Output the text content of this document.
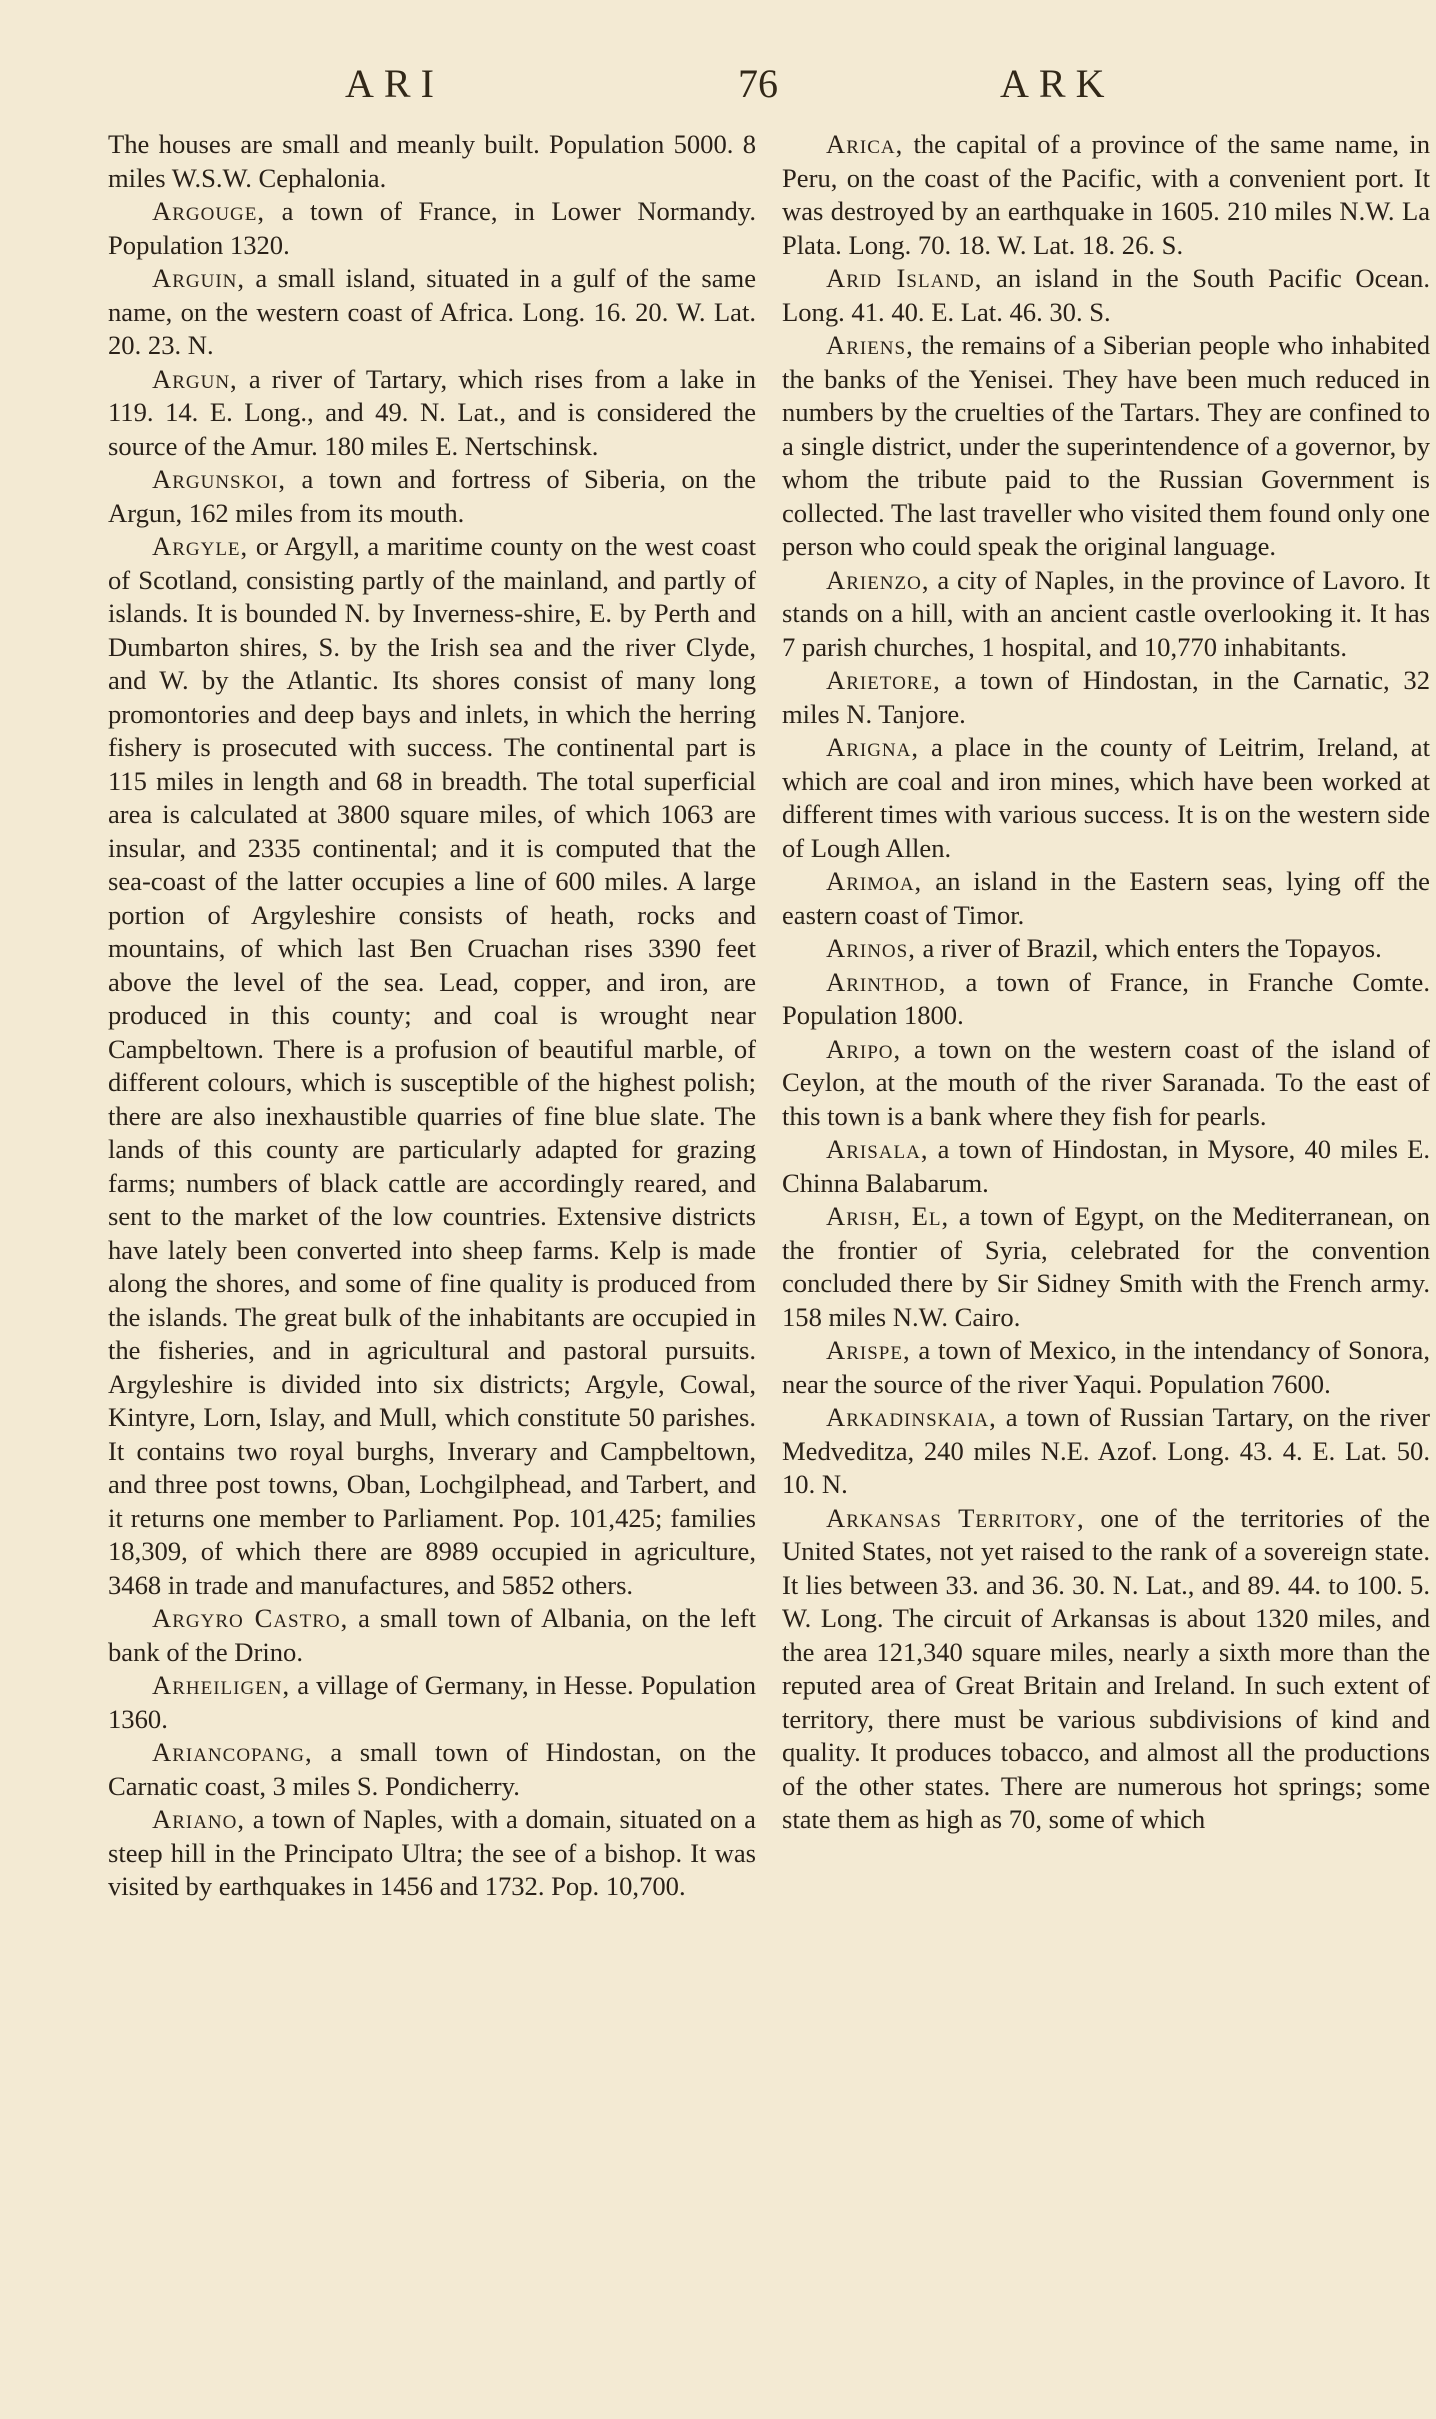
ARI	76	ARK

The houses are small and meanly built. Population 5000. 8 miles W.S.W. Cephalonia.

Argouge, a town of France, in Lower Normandy. Population 1320.

Arguin, a small island, situated in a gulf of the same name, on the western coast of Africa. Long. 16. 20. W. Lat. 20. 23. N.

Argun, a river of Tartary, which rises from a lake in 119. 14. E. Long., and 49. N. Lat., and is considered the source of the Amur. 180 miles E. Nertschinsk.

Argunskoi, a town and fortress of Siberia, on the Argun, 162 miles from its mouth.

Argyle, or Argyll, a maritime county on the west coast of Scotland, consisting partly of the mainland, and partly of islands. It is bounded N. by Inverness-shire, E. by Perth and Dumbarton shires, S. by the Irish sea and the river Clyde, and W. by the Atlantic. Its shores consist of many long promontories and deep bays and inlets, in which the herring fishery is prosecuted with success. The continental part is 115 miles in length and 68 in breadth. The total superficial area is calculated at 3800 square miles, of which 1063 are insular, and 2335 continental; and it is computed that the sea-coast of the latter occupies a line of 600 miles. A large portion of Argyleshire consists of heath, rocks and mountains, of which last Ben Cruachan rises 3390 feet above the level of the sea. Lead, copper, and iron, are produced in this county; and coal is wrought near Campbeltown. There is a profusion of beautiful marble, of different colours, which is susceptible of the highest polish; there are also inexhaustible quarries of fine blue slate. The lands of this county are particularly adapted for grazing farms; numbers of black cattle are accordingly reared, and sent to the market of the low countries. Extensive districts have lately been converted into sheep farms. Kelp is made along the shores, and some of fine quality is produced from the islands. The great bulk of the inhabitants are occupied in the fisheries, and in agricultural and pastoral pursuits. Argyleshire is divided into six districts; Argyle, Cowal, Kintyre, Lorn, Islay, and Mull, which constitute 50 parishes. It contains two royal burghs, Inverary and Campbeltown, and three post towns, Oban, Lochgilphead, and Tarbert, and it returns one member to Parliament. Pop. 101,425; families 18,309, of which there are 8989 occupied in agriculture, 3468 in trade and manufactures, and 5852 others.

Argyro Castro, a small town of Albania, on the left bank of the Drino.

Arheiligen, a village of Germany, in Hesse. Population 1360.

Ariancopang, a small town of Hindostan, on the Carnatic coast, 3 miles S. Pondicherry.

Ariano, a town of Naples, with a domain, situated on a steep hill in the Principato Ultra; the see of a bishop. It was visited by earthquakes in 1456 and 1732. Pop. 10,700.

Arica, the capital of a province of the same name, in Peru, on the coast of the Pacific, with a convenient port. It was destroyed by an earthquake in 1605. 210 miles N.W. La Plata. Long. 70. 18. W. Lat. 18. 26. S.

Arid Island, an island in the South Pacific Ocean. Long. 41. 40. E. Lat. 46. 30. S.

Ariens, the remains of a Siberian people who inhabited the banks of the Yenisei. They have been much reduced in numbers by the cruelties of the Tartars. They are confined to a single district, under the superintendence of a governor, by whom the tribute paid to the Russian Government is collected. The last traveller who visited them found only one person who could speak the original language.

Arienzo, a city of Naples, in the province of Lavoro. It stands on a hill, with an ancient castle overlooking it. It has 7 parish churches, 1 hospital, and 10,770 inhabitants.

Arietore, a town of Hindostan, in the Carnatic, 32 miles N. Tanjore.

Arigna, a place in the county of Leitrim, Ireland, at which are coal and iron mines, which have been worked at different times with various success. It is on the western side of Lough Allen.

Arimoa, an island in the Eastern seas, lying off the eastern coast of Timor.

Arinos, a river of Brazil, which enters the Topayos.

Arinthod, a town of France, in Franche Comte. Population 1800.

Aripo, a town on the western coast of the island of Ceylon, at the mouth of the river Saranada. To the east of this town is a bank where they fish for pearls.

Arisala, a town of Hindostan, in Mysore, 40 miles E. Chinna Balabarum.

Arish, El, a town of Egypt, on the Mediterranean, on the frontier of Syria, celebrated for the convention concluded there by Sir Sidney Smith with the French army. 158 miles N.W. Cairo.

Arispe, a town of Mexico, in the intendancy of Sonora, near the source of the river Yaqui. Population 7600.

Arkadinskaia, a town of Russian Tartary, on the river Medveditza, 240 miles N.E. Azof. Long. 43. 4. E. Lat. 50. 10. N.

Arkansas Territory, one of the territories of the United States, not yet raised to the rank of a sovereign state. It lies between 33. and 36. 30. N. Lat., and 89. 44. to 100. 5. W. Long. The circuit of Arkansas is about 1320 miles, and the area 121,340 square miles, nearly a sixth more than the reputed area of Great Britain and Ireland. In such extent of territory, there must be various subdivisions of kind and quality. It produces tobacco, and almost all the productions of the other states. There are numerous hot springs; some state them as high as 70, some of which
